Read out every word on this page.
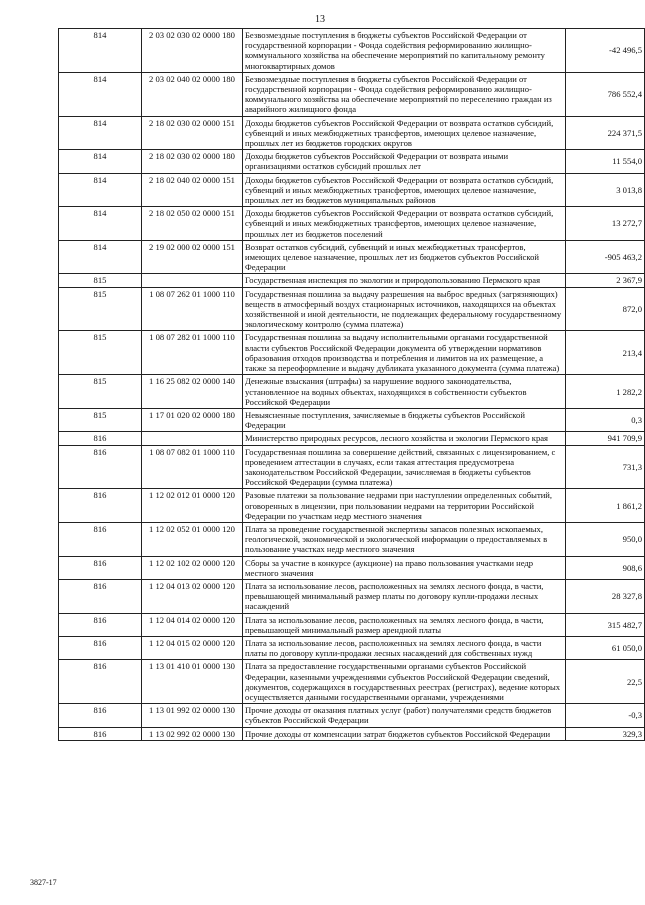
13
814	2 03 02 030 02 0000 180	Безвозмездные поступления в бюджеты субъектов Российской Федерации от государственной корпорации - Фонда содействия реформированию жилищно-коммунального хозяйства на обеспечение мероприятий по капитальному ремонту многоквартирных домов	-42 496,5
814	2 03 02 040 02 0000 180	Безвозмездные поступления в бюджеты субъектов Российской Федерации от государственной корпорации - Фонда содействия реформированию жилищно-коммунального хозяйства на обеспечение мероприятий по переселению граждан из аварийного жилищного фонда	786 552,4
814	2 18 02 030 02 0000 151	Доходы бюджетов субъектов Российской Федерации от возврата остатков субсидий, субвенций и иных межбюджетных трансфертов, имеющих целевое назначение, прошлых лет из бюджетов городских округов	224 371,5
814	2 18 02 030 02 0000 180	Доходы бюджетов субъектов Российской Федерации от возврата иными организациями остатков субсидий прошлых лет	11 554,0
814	2 18 02 040 02 0000 151	Доходы бюджетов субъектов Российской Федерации от возврата остатков субсидий, субвенций и иных межбюджетных трансфертов, имеющих целевое назначение, прошлых лет из бюджетов муниципальных районов	3 013,8
814	2 18 02 050 02 0000 151	Доходы бюджетов субъектов Российской Федерации от возврата остатков субсидий, субвенций и иных межбюджетных трансфертов, имеющих целевое назначение, прошлых лет из бюджетов поселений	13 272,7
814	2 19 02 000 02 0000 151	Возврат остатков субсидий, субвенций и иных межбюджетных трансфертов, имеющих целевое назначение, прошлых лет из бюджетов субъектов Российской Федерации	-905 463,2
815		Государственная инспекция по экологии и природопользованию Пермского края	2 367,9
815	1 08 07 262 01 1000 110	Государственная пошлина за выдачу разрешения на выброс вредных (загрязняющих) веществ в атмосферный воздух стационарных источников, находящихся на объектах хозяйственной и иной деятельности, не подлежащих федеральному государственному экологическому контролю (сумма платежа)	872,0
815	1 08 07 282 01 1000 110	Государственная пошлина за выдачу исполнительными органами государственной власти субъектов Российской Федерации документа об утверждении нормативов образования отходов производства и потребления и лимитов на их размещение, а также за переоформление и выдачу дубликата указанного документа (сумма платежа)	213,4
815	1 16 25 082 02 0000 140	Денежные взыскания (штрафы) за нарушение водного законодательства, установленное на водных объектах, находящихся в собственности субъектов Российской Федерации	1 282,2
815	1 17 01 020 02 0000 180	Невыясненные поступления, зачисляемые в бюджеты субъектов Российской Федерации	0,3
816		Министерство природных ресурсов, лесного хозяйства и экологии Пермского края	941 709,9
816	1 08 07 082 01 1000 110	Государственная пошлина за совершение действий, связанных с лицензированием, с проведением аттестации в случаях, если такая аттестация предусмотрена законодательством Российской Федерации, зачисляемая в бюджеты субъектов Российской Федерации (сумма платежа)	731,3
816	1 12 02 012 01 0000 120	Разовые платежи за пользование недрами при наступлении определенных событий, оговоренных в лицензии, при пользовании недрами на территории Российской Федерации по участкам недр местного значения	1 861,2
816	1 12 02 052 01 0000 120	Плата за проведение государственной экспертизы запасов полезных ископаемых, геологической, экономической и экологической информации о предоставляемых в пользование участках недр местного значения	950,0
816	1 12 02 102 02 0000 120	Сборы за участие в конкурсе (аукционе) на право пользования участками недр местного значения	908,6
816	1 12 04 013 02 0000 120	Плата за использование лесов, расположенных на землях лесного фонда, в части, превышающей минимальный размер платы по договору купли-продажи лесных насаждений	28 327,8
816	1 12 04 014 02 0000 120	Плата за использование лесов, расположенных на землях лесного фонда, в части, превышающей минимальный размер арендной платы	315 482,7
816	1 12 04 015 02 0000 120	Плата за использование лесов, расположенных на землях лесного фонда, в части платы по договору купли-продажи лесных насаждений для собственных нужд	61 050,0
816	1 13 01 410 01 0000 130	Плата за предоставление государственными органами субъектов Российской Федерации, казенными учреждениями субъектов Российской Федерации сведений, документов, содержащихся в государственных реестрах (регистрах), ведение которых осуществляется данными государственными органами, учреждениями	22,5
816	1 13 01 992 02 0000 130	Прочие доходы от оказания платных услуг (работ) получателями средств бюджетов субъектов Российской Федерации	-0,3
816	1 13 02 992 02 0000 130	Прочие доходы от компенсации затрат бюджетов субъектов Российской Федерации	329,3
3827-17
